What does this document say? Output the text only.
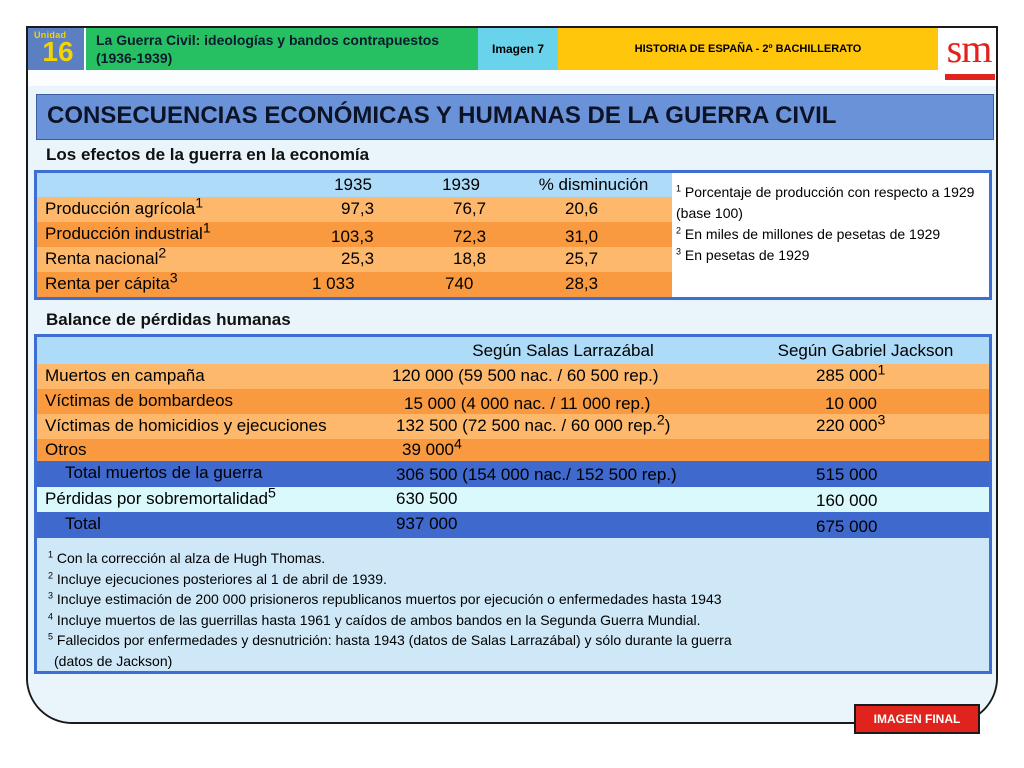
Unidad
16	La Guerra Civil: ideologías y bandos contrapuestos (1936-1939)
Imagen 7	HISTORIA DE ESPAÑA - 2º BACHILLERATO	sm
CONSECUENCIAS ECONÓMICAS Y HUMANAS DE LA GUERRA CIVIL
Los efectos de la guerra en la economía
1935	1939	% disminución
Producción agrícola$^1$	97,3	76,7	20,6
Producción industrial$^1$	103,3	72,3	31,0
Renta nacional$^2$	25,3	18,8	25,7
Renta per cápita$^3$	1 033	740	28,3
$^1$ Porcentaje de producción con respecto a 1929 (base 100)
$^2$ En miles de millones de pesetas de 1929
$^3$ En pesetas de 1929
Balance de pérdidas humanas
Según Salas Larrazábal	Según Gabriel Jackson
Muertos en campaña	120 000 (59 500 nac. / 60 500 rep.)	285 $000^1$
Víctimas de bombardeos	15 000 (4 000 nac. / 11 000 rep.)	10 000
Víctimas de homicidios y ejecuciones	132 500 (72 500 nac. / 60 000 rep.$^2$)	220 $000^3$
Otros	39 $000^4$
Total muertos de la guerra	306 500 (154 000 nac./ 152 500 rep.)	515 000
Pérdidas por sobremortalidad$^5$	630 500	160 000
Total	937 000	675 000
$^1$ Con la corrección al alza de Hugh Thomas.
$^2$ Incluye ejecuciones posteriores al 1 de abril de 1939.
$^3$ Incluye estimación de 200 000 prisioneros republicanos muertos por ejecución o enfermedades hasta 1943
$^4$ Incluye muertos de las guerrillas hasta 1961 y caídos de ambos bandos en la Segunda Guerra Mundial.
$^5$ Fallecidos por enfermedades y desnutrición: hasta 1943 (datos de Salas Larrazábal) y sólo durante la guerra
(datos de Jackson)
IMAGEN FINAL
